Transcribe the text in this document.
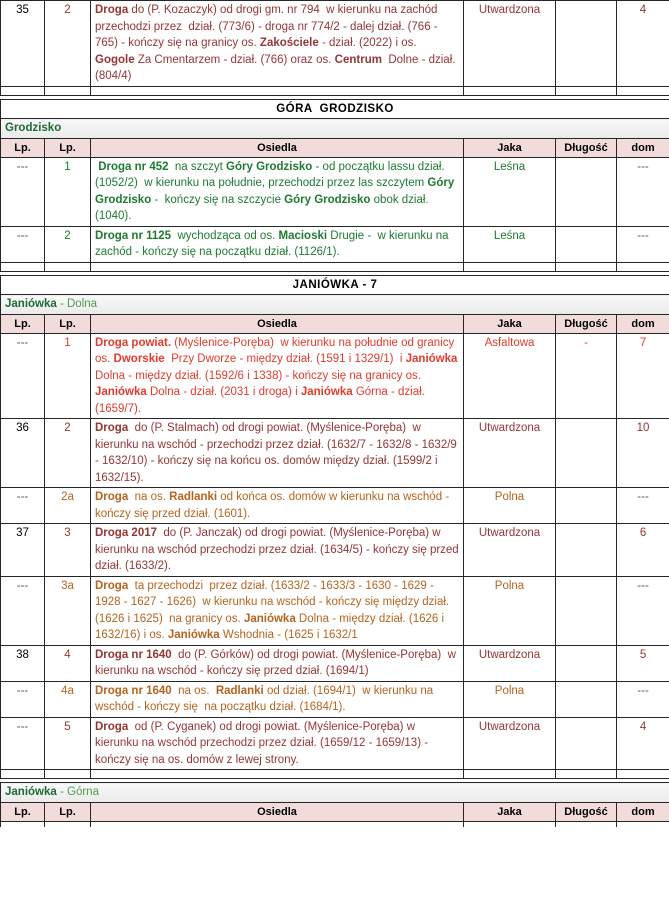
35	2	Droga do (P. Kozaczyk) od drogi gm. nr 794  w kierunku na zachód przechodzi przez  dział. (773/6) - droga nr 774/2 - dalej dział. (766 - 765) - kończy się na granicy os. Zakościele - dział. (2022) i os. Gogole Za Cmentarzem - dział. (766) oraz os. Centrum  Dolne - dział. (804/4)	Utwardzona		4

GÓRA  GRODZISKO					
Grodzisko					
Lp.	Lp.	Osiedla	Jaka	Długość	dom
---	1	Droga nr 452  na szczyt Góry Grodzisko - od początku lassu dział. (1052/2)  w kierunku na południe, przechodzi przez las szczytem Góry Grodzisko -  kończy się na szczycie Góry Grodzisko obok dział. (1040).	Leśna		---
---	2	Droga nr 1125  wychodząca od os. Macioski Drugie -  w kierunku na zachód - kończy się na początku dział. (1126/1).	Leśna		---

JANIÓWKA - 7					
Janiówka - Dolna					
Lp.	Lp.	Osiedla	Jaka	Długość	dom
---	1	Droga powiat. (Myślenice-Poręba)  w kierunku na południe od granicy os. Dworskie  Przy Dworze - między dział. (1591 i 1329/1)  i Janiówka Dolna - między dział. (1592/6 i 1338) - kończy się na granicy os.  Janiówka Dolna - dział. (2031 i droga) i Janiówka Górna - dział. (1659/7).	Asfaltowa	-	7
36	2	Droga  do (P. Stalmach) od drogi powiat. (Myślenice-Poręba)  w kierunku na wschód - przechodzi przez dział. (1632/7 - 1632/8 - 1632/9 - 1632/10) - kończy się na końcu os. domów między dział. (1599/2 i 1632/15).	Utwardzona		10
---	2a	Droga  na os. Radlanki od końca os. domów w kierunku na wschód - kończy się przed dział. (1601).	Polna		---
37	3	Droga 2017  do (P. Janczak) od drogi powiat. (Myślenice-Poręba) w kierunku na wschód przechodzi przez dział. (1634/5) - kończy się przed dział. (1633/2).	Utwardzona		6
---	3a	Droga  ta przechodzi  przez dział. (1633/2 - 1633/3 - 1630 - 1629 - 1928 - 1627 - 1626)  w kierunku na wschód - kończy się między dział. (1626 i 1625)  na granicy os. Janiówka Dolna - między dział. (1626 i 1632/16) i os. Janiówka Wshodnia - (1625 i 1632/1	Polna		---
38	4	Droga nr 1640  do (P. Górków) od drogi powiat. (Myślenice-Poręba)  w kierunku na wschód - kończy się przed dział. (1694/1)	Utwardzona		5
---	4a	Droga nr 1640  na os.  Radlanki od dział. (1694/1)  w kierunku na wschód - kończy się  na początku dział. (1684/1).	Polna		---
---	5	Droga  od (P. Cyganek) od drogi powiat. (Myślenice-Poręba) w kierunku na wschód przechodzi przez dział. (1659/12 - 1659/13) - kończy się na os. domów z lewej strony.	Utwardzona		4

Janiówka - Górna					
Lp.	Lp.	Osiedla	Jaka	Długość	dom
